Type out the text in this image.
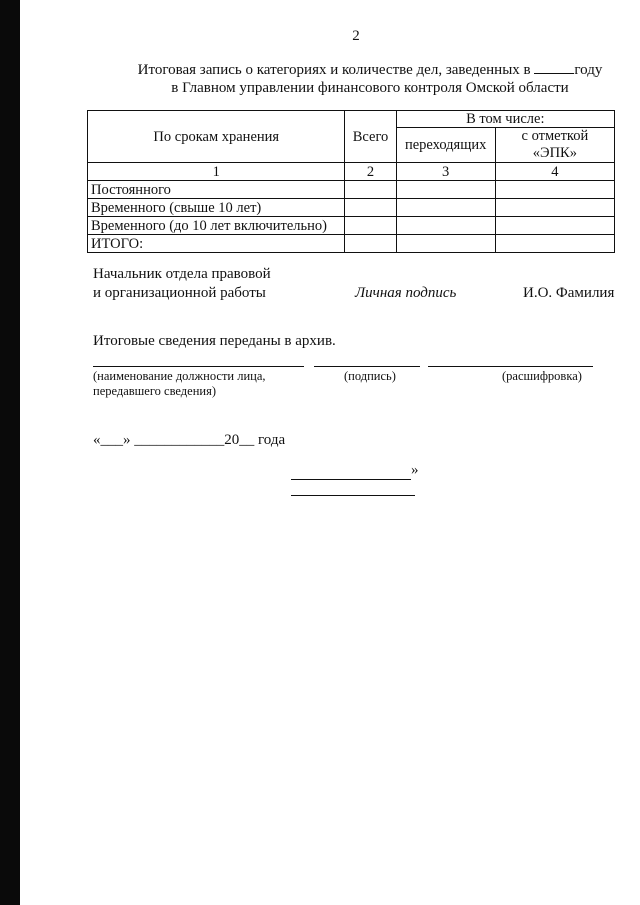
2
Итоговая запись о категориях и количестве дел, заведенных в	году
в Главном управлении финансового контроля Омской области
По срокам хранения	Всего	В том числе:	
		переходящих	с отметкой «ЭПК»
1	2	3	4
Постоянного			
Временного (свыше 10 лет)			
Временного (до 10 лет включительно)			
ИТОГО:			
Начальник отдела правовой
и организационной работы	Личная подпись	И.О. Фамилия
Итоговые сведения переданы в архив.
(наименование должности лица,
передавшего сведения)
(подпись)	(расшифровка)
«___» ____________20__ года
»
